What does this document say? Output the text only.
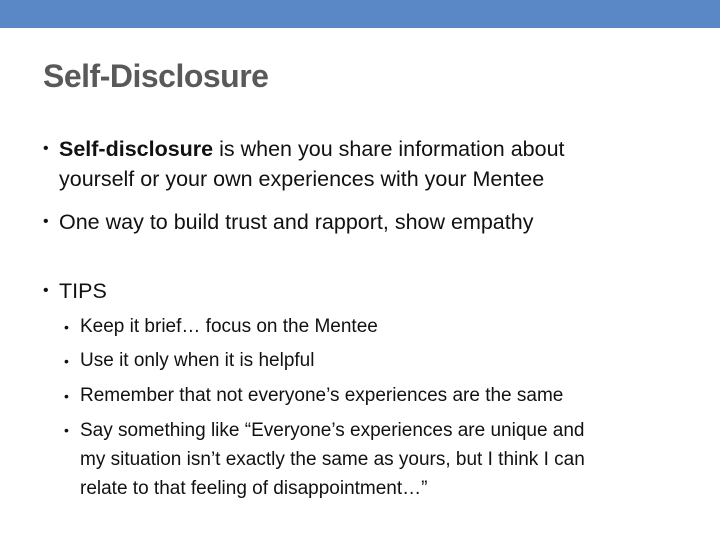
Self-Disclosure
• Self-disclosure is when you share information about
yourself or your own experiences with your Mentee
• One way to build trust and rapport, show empathy
• TIPS
• Keep it brief… focus on the Mentee
• Use it only when it is helpful
• Remember that not everyone’s experiences are the same
• Say something like “Everyone’s experiences are unique and
my situation isn’t exactly the same as yours, but I think I can
relate to that feeling of disappointment…”
